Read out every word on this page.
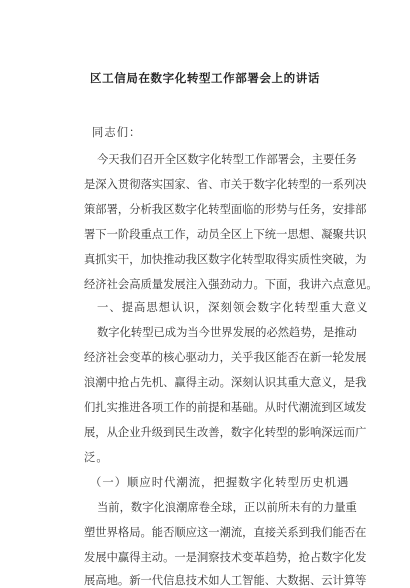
区工信局在数字化转型工作部署会上的讲话
同志们：
今天我们召开全区数字化转型工作部署会，主要任务
是深入贯彻落实国家、省、市关于数字化转型的一系列决
策部署，分析我区数字化转型面临的形势与任务，安排部
署下一阶段重点工作，动员全区上下统一思想、凝聚共识
真抓实干，加快推动我区数字化转型取得实质性突破，为
经济社会高质量发展注入强劲动力。下面，我讲六点意见。
一、提高思想认识，深刻领会数字化转型重大意义
数字化转型已成为当今世界发展的必然趋势，是推动
经济社会变革的核心驱动力，关乎我区能否在新一轮发展
浪潮中抢占先机、赢得主动。深刻认识其重大意义，是我
们扎实推进各项工作的前提和基础。从时代潮流到区域发
展，从企业升级到民生改善，数字化转型的影响深远而广
泛。
（一）顺应时代潮流，把握数字化转型历史机遇
当前，数字化浪潮席卷全球，正以前所未有的力量重
塑世界格局。能否顺应这一潮流，直接关系到我们能否在
发展中赢得主动。一是洞察技术变革趋势，抢占数字化发
展高地。新一代信息技术如人工智能、大数据、云计算等
